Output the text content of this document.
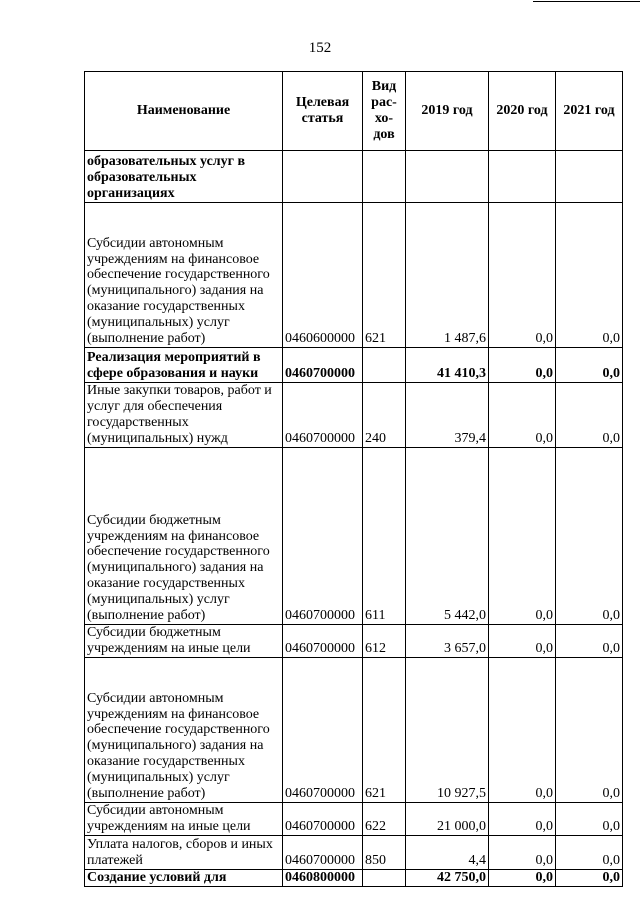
152
Наименование	Целевая статья	Вид рас-хо-дов	2019 год	2020 год	2021 год
образовательных услуг в образовательных организациях					
Субсидии автономным учреждениям на финансовое обеспечение государственного (муниципального) задания на оказание государственных (муниципальных) услуг (выполнение работ)	0460600000	621	1 487,6	0,0	0,0
Реализация мероприятий в сфере образования и науки	0460700000		41 410,3	0,0	0,0
Иные закупки товаров, работ и услуг для обеспечения государственных (муниципальных) нужд	0460700000	240	379,4	0,0	0,0
Субсидии бюджетным учреждениям на финансовое обеспечение государственного (муниципального) задания на оказание государственных (муниципальных) услуг (выполнение работ)	0460700000	611	5 442,0	0,0	0,0
Субсидии бюджетным учреждениям на иные цели	0460700000	612	3 657,0	0,0	0,0
Субсидии автономным учреждениям на финансовое обеспечение государственного (муниципального) задания на оказание государственных (муниципальных) услуг (выполнение работ)	0460700000	621	10 927,5	0,0	0,0
Субсидии автономным учреждениям на иные цели	0460700000	622	21 000,0	0,0	0,0
Уплата налогов, сборов и иных платежей	0460700000	850	4,4	0,0	0,0
Создание условий для	0460800000		42 750,0	0,0	0,0
